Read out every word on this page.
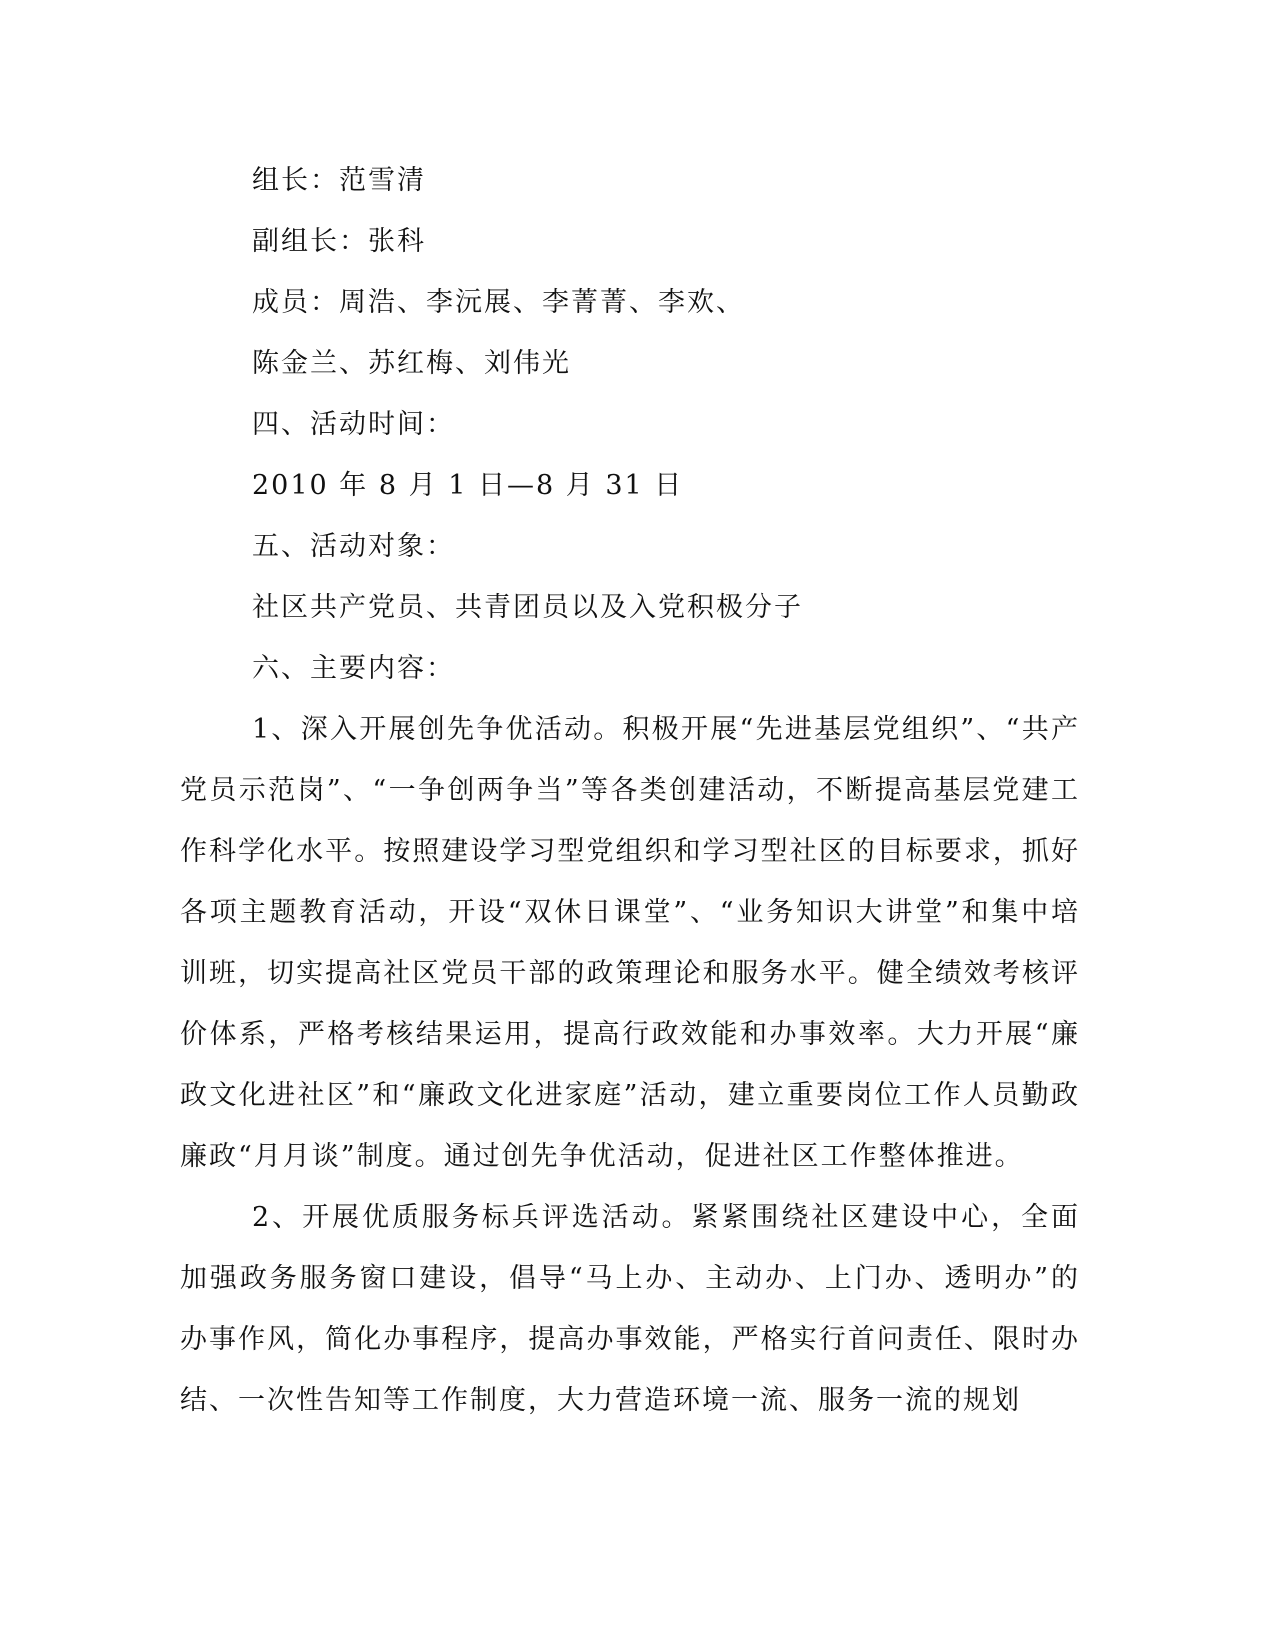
组长：范雪清
副组长：张科
成员：周浩、李沅展、李菁菁、李欢、
陈金兰、苏红梅、刘伟光
四、活动时间：
2010 年 8 月 1 日—8 月 31 日
五、活动对象：
社区共产党员、共青团员以及入党积极分子
六、主要内容：

1、深入开展创先争优活动。积极开展“先进基层党组织”、“共产党员示范岗”、“一争创两争当”等各类创建活动，不断提高基层党建工作科学化水平。按照建设学习型党组织和学习型社区的目标要求，抓好各项主题教育活动，开设“双休日课堂”、“业务知识大讲堂”和集中培训班，切实提高社区党员干部的政策理论和服务水平。健全绩效考核评价体系，严格考核结果运用，提高行政效能和办事效率。大力开展“廉政文化进社区”和“廉政文化进家庭”活动，建立重要岗位工作人员勤政廉政“月月谈”制度。通过创先争优活动，促进社区工作整体推进。

2、开展优质服务标兵评选活动。紧紧围绕社区建设中心，全面加强政务服务窗口建设，倡导“马上办、主动办、上门办、透明办”的办事作风，简化办事程序，提高办事效能，严格实行首问责任、限时办结、一次性告知等工作制度，大力营造环境一流、服务一流的规划
